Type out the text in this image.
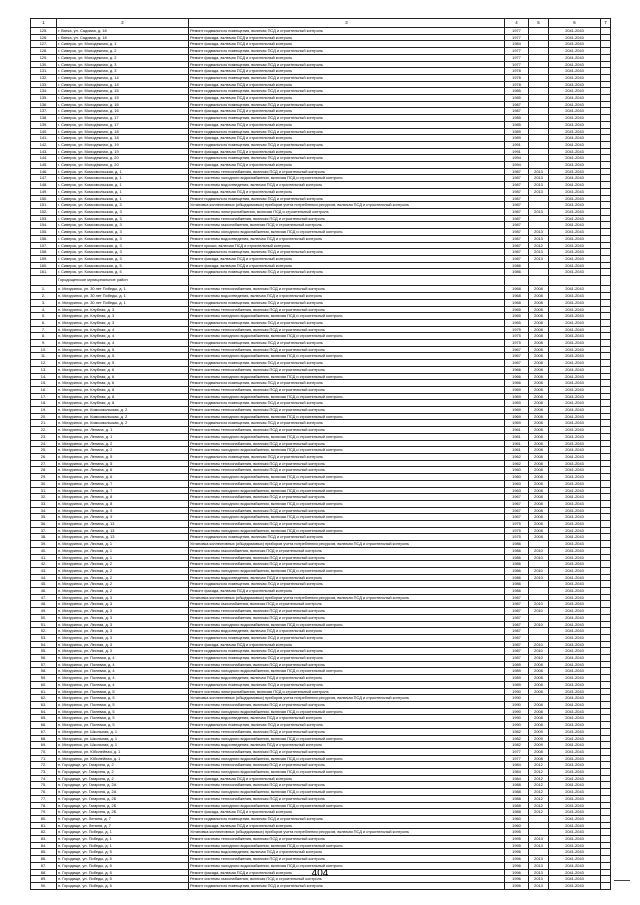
1	2	3	4	5	6	7
125.	г. Вятка, ул. Садовая, д. 18	Ремонт подвального помещения, включая ПСД и строительный контроль	1977		2041-2043	
126.	г. Вятка, ул. Садовая, д. 18	Ремонт фасада, включая ПСД и строительный контроль	1977		2041-2043	
127.	г. Сиверск, ул. Молодежная, д. 1	Ремонт фасада, включая ПСД и строительный контроль	1984		2041-2043	
128.	г. Сиверск, ул. Молодежная, д. 2	Ремонт подвального помещения, включая ПСД и строительный контроль	1977		2041-2043	
129.	г. Сиверск, ул. Молодежная, д. 2	Ремонт фасада, включая ПСД и строительный контроль	1977		2041-2043	
130.	г. Сиверск, ул. Молодежная, д. 3	Ремонт подвального помещения, включая ПСД и строительный контроль	1977		2041-2043	
131.	г. Сиверск, ул. Молодежная, д. 3	Ремонт фасада, включая ПСД и строительный контроль	1978		2041-2043	
132.	г. Сиверск, ул. Молодежная, д. 14	Ремонт подвального помещения, включая ПСД и строительный контроль	1978		2041-2043	
133.	г. Сиверск, ул. Молодежная, д. 14	Ремонт фасада, включая ПСД и строительный контроль	1978		2041-2043	
134.	г. Сиверск, ул. Молодежная, д. 15	Ремонт подвального помещения, включая ПСД и строительный контроль	1985		2041-2043	
135.	г. Сиверск, ул. Молодежная, д. 15	Ремонт фасада, включая ПСД и строительный контроль	1985		2041-2043	
136.	г. Сиверск, ул. Молодежная, д. 16	Ремонт подвального помещения, включая ПСД и строительный контроль	1987		2041-2043	
137.	г. Сиверск, ул. Молодежная, д. 16	Ремонт фасада, включая ПСД и строительный контроль	1987		2041-2043	
138.	г. Сиверск, ул. Молодежная, д. 17	Ремонт подвального помещения, включая ПСД и строительный контроль	1985		2041-2043	
139.	г. Сиверск, ул. Молодежная, д. 17	Ремонт фасада, включая ПСД и строительный контроль	1985		2041-2043	
140.	г. Сиверск, ул. Молодежная, д. 18	Ремонт подвального помещения, включая ПСД и строительный контроль	1989		2041-2043	
141.	г. Сиверск, ул. Молодежная, д. 18	Ремонт фасада, включая ПСД и строительный контроль	1989		2041-2043	
142.	г. Сиверск, ул. Молодежная, д. 19	Ремонт подвального помещения, включая ПСД и строительный контроль	1991		2041-2043	
143.	г. Сиверск, ул. Молодежная, д. 19	Ремонт фасада, включая ПСД и строительный контроль	1991		2041-2043	
144.	г. Сиверск, ул. Молодежная, д. 20	Ремонт подвального помещения, включая ПСД и строительный контроль	1994		2041-2043	
145.	г. Сиверск, ул. Молодежная, д. 20	Ремонт фасада, включая ПСД и строительный контроль	1994		2041-2043	
146.	г. Сиверск, ул. Комсомольская, д. 1	Ремонт системы теплоснабжения, включая ПСД и строительный контроль	1987	2013	2041-2043	
147.	г. Сиверск, ул. Комсомольская, д. 1	Ремонт системы холодного водоснабжения, включая ПСД и строительный контроль	1987	2013	2041-2043	
148.	г. Сиверск, ул. Комсомольская, д. 1	Ремонт системы водоотведения, включая ПСД и строительный контроль	1987	2013	2041-2043	
149.	г. Сиверск, ул. Комсомольская, д. 1	Ремонт фасада, включая ПСД и строительный контроль	1987	2013	2041-2043	
150.	г. Сиверск, ул. Комсомольская, д. 1	Ремонт подвального помещения, включая ПСД и строительный контроль	1987		2041-2043	
151.	г. Сиверск, ул. Комсомольская, д. 3	Установка коллективных (общедомовых) приборов учета потребления ресурсов, включая ПСД и строительный контроль	1987		2041-2043	
152.	г. Сиверск, ул. Комсомольская, д. 3	Ремонт системы электроснабжения, включая ПСД и строительный контроль	1987	2013	2041-2043	
153.	г. Сиверск, ул. Комсомольская, д. 3	Ремонт системы теплоснабжения, включая ПСД и строительный контроль	1987		2041-2043	
154.	г. Сиверск, ул. Комсомольская, д. 3	Ремонт системы газоснабжения, включая ПСД и строительный контроль	1987		2041-2043	
155.	г. Сиверск, ул. Комсомольская, д. 3	Ремонт системы холодного водоснабжения, включая ПСД и строительный контроль	1987	2013	2041-2043	
156.	г. Сиверск, ул. Комсомольская, д. 3	Ремонт системы водоотведения, включая ПСД и строительный контроль	1987	2013	2041-2043	
157.	г. Сиверск, ул. Комсомольская, д. 3	Ремонт крыши, включая ПСД и строительный контроль	1987	2012	2041-2043	
158.	г. Сиверск, ул. Комсомольская, д. 3	Ремонт подвального помещения, включая ПСД и строительный контроль	1987	2013	2041-2043	
159.	г. Сиверск, ул. Комсомольская, д. 3	Ремонт фасада, включая ПСД и строительный контроль	1987	2013	2041-2043	
160.	г. Сиверск, ул. Комсомольская, д. 5	Ремонт фасада, включая ПСД и строительный контроль	1986		2041-2043	
161.	г. Сиверск, ул. Комсомольская, д. 5	Ремонт подвального помещения, включая ПСД и строительный контроль	1986		2041-2043	
	Городищенское муниципальное район					
1.	п. Мичуринск, ул. 30 лет Победы, д. 1	Ремонт системы теплоснабжения, включая ПСД и строительный контроль	1968	2008	2041-2043	
2.	п. Мичуринск, ул. 30 лет Победы, д. 1	Ремонт системы водоотведения, включая ПСД и строительный контроль	1968	2008	2041-2043	
3.	п. Мичуринск, ул. 30 лет Победы, д. 1	Ремонт подвального помещения, включая ПСД и строительный контроль	1968	2008	2041-2043	
4.	п. Мичуринск, ул. Клубная, д. 3	Ремонт системы теплоснабжения, включая ПСД и строительный контроль	1965	2008	2041-2043	
5.	п. Мичуринск, ул. Клубная, д. 3	Ремонт системы холодного водоснабжения, включая ПСД и строительный контроль	1965	2008	2041-2043	
6.	п. Мичуринск, ул. Клубная, д. 3	Ремонт подвального помещения, включая ПСД и строительный контроль	1965	2008	2041-2043	
7.	п. Мичуринск, ул. Клубная, д. 4	Ремонт системы теплоснабжения, включая ПСД и строительный контроль	1975	2008	2041-2043	
8.	п. Мичуринск, ул. Клубная, д. 4	Ремонт системы холодного водоснабжения, включая ПСД и строительный контроль	1975	2008	2041-2043	
9.	п. Мичуринск, ул. Клубная, д. 4	Ремонт подвального помещения, включая ПСД и строительный контроль	1975	2008	2041-2043	
10.	п. Мичуринск, ул. Клубная, д. 5	Ремонт системы теплоснабжения, включая ПСД и строительный контроль	1967	2008	2041-2043	
11.	п. Мичуринск, ул. Клубная, д. 5	Ремонт системы холодного водоснабжения, включая ПСД и строительный контроль	1967	2008	2041-2043	
12.	п. Мичуринск, ул. Клубная, д. 5	Ремонт подвального помещения, включая ПСД и строительный контроль	1967	2008	2041-2043	
13.	п. Мичуринск, ул. Клубная, д. 6	Ремонт системы теплоснабжения, включая ПСД и строительный контроль	1966	2008	2041-2043	
14.	п. Мичуринск, ул. Клубная, д. 6	Ремонт системы холодного водоснабжения, включая ПСД и строительный контроль	1966	2008	2041-2043	
15.	п. Мичуринск, ул. Клубная, д. 6	Ремонт подвального помещения, включая ПСД и строительный контроль	1966	2008	2041-2043	
16.	п. Мичуринск, ул. Клубная, д. 8	Ремонт системы теплоснабжения, включая ПСД и строительный контроль	1969	2008	2041-2043	
17.	п. Мичуринск, ул. Клубная, д. 8	Ремонт системы холодного водоснабжения, включая ПСД и строительный контроль	1969	2008	2041-2043	
18.	п. Мичуринск, ул. Клубная, д. 8	Ремонт подвального помещения, включая ПСД и строительный контроль	1969	2008	2041-2043	
19.	п. Мичуринск, ул. Комсомольская, д. 2	Ремонт системы теплоснабжения, включая ПСД и строительный контроль	1969	2008	2041-2043	
20.	п. Мичуринск, ул. Комсомольская, д. 2	Ремонт системы холодного водоснабжения, включая ПСД и строительный контроль	1969	2008	2041-2043	
21.	п. Мичуринск, ул. Комсомольская, д. 2	Ремонт подвального помещения, включая ПСД и строительный контроль	1969	2008	2041-2043	
22.	п. Мичуринск, ул. Ленина, д. 1	Ремонт системы теплоснабжения, включая ПСД и строительный контроль	1961	2008	2041-2043	
23.	п. Мичуринск, ул. Ленина, д. 1	Ремонт системы холодного водоснабжения, включая ПСД и строительный контроль	1961	2008	2041-2043	
24.	п. Мичуринск, ул. Ленина, д. 2	Ремонт системы теплоснабжения, включая ПСД и строительный контроль	1961	2008	2041-2043	
25.	п. Мичуринск, ул. Ленина, д. 2	Ремонт системы холодного водоснабжения, включая ПСД и строительный контроль	1961	2008	2041-2043	
26.	п. Мичуринск, ул. Ленина, д. 5	Ремонт подвального помещения, включая ПСД и строительный контроль	1962	2008	2041-2043	
27.	п. Мичуринск, ул. Ленина, д. 5	Ремонт системы теплоснабжения, включая ПСД и строительный контроль	1962	2008	2041-2043	
28.	п. Мичуринск, ул. Ленина, д. 6	Ремонт системы теплоснабжения, включая ПСД и строительный контроль	1960	2008	2041-2043	
29.	п. Мичуринск, ул. Ленина, д. 6	Ремонт системы холодного водоснабжения, включая ПСД и строительный контроль	1960	2008	2041-2043	
30.	п. Мичуринск, ул. Ленина, д. 7	Ремонт системы теплоснабжения, включая ПСД и строительный контроль	1963	2008	2041-2043	
31.	п. Мичуринск, ул. Ленина, д. 7	Ремонт системы холодного водоснабжения, включая ПСД и строительный контроль	1963	2008	2041-2043	
32.	п. Мичуринск, ул. Ленина, д. 8	Ремонт системы теплоснабжения, включая ПСД и строительный контроль	1967	2008	2041-2043	
33.	п. Мичуринск, ул. Ленина, д. 8	Ремонт системы холодного водоснабжения, включая ПСД и строительный контроль	1967	2008	2041-2043	
34.	п. Мичуринск, ул. Ленина, д. 9	Ремонт системы теплоснабжения, включая ПСД и строительный контроль	1967	2008	2041-2043	
35.	п. Мичуринск, ул. Ленина, д. 9	Ремонт системы холодного водоснабжения, включая ПСД и строительный контроль	1967	2008	2041-2043	
36.	п. Мичуринск, ул. Ленина, д. 13	Ремонт системы теплоснабжения, включая ПСД и строительный контроль	1975	2008	2041-2043	
37.	п. Мичуринск, ул. Ленина, д. 13	Ремонт системы холодного водоснабжения, включая ПСД и строительный контроль	1975	2008	2041-2043	
38.	п. Мичуринск, ул. Ленина, д. 13	Ремонт подвального помещения, включая ПСД и строительный контроль	1975	2008	2041-2043	
39.	п. Мичуринск, ул. Лесная, д. 1	Установка коллективных (общедомовых) приборов учета потребления ресурсов, включая ПСД и строительный контроль	1986		2041-2043	
40.	п. Мичуринск, ул. Лесная, д. 1	Ремонт системы газоснабжения, включая ПСД и строительный контроль	1986	2010	2041-2043	
41.	п. Мичуринск, ул. Лесная, д. 1	Ремонт системы теплоснабжения, включая ПСД и строительный контроль	1986	2010	2041-2043	
42.	п. Мичуринск, ул. Лесная, д. 2	Ремонт системы теплоснабжения, включая ПСД и строительный контроль	1986		2041-2043	
43.	п. Мичуринск, ул. Лесная, д. 2	Ремонт системы холодного водоснабжения, включая ПСД и строительный контроль	1986	2010	2041-2043	
44.	п. Мичуринск, ул. Лесная, д. 2	Ремонт системы водоотведения, включая ПСД и строительный контроль	1986	2010	2041-2043	
45.	п. Мичуринск, ул. Лесная, д. 2	Ремонт подвального помещения, включая ПСД и строительный контроль	1986		2041-2043	
46.	п. Мичуринск, ул. Лесная, д. 2	Ремонт фасада, включая ПСД и строительный контроль	1986		2041-2043	
47.	п. Мичуринск, ул. Лесная, д. 3	Установка коллективных (общедомовых) приборов учета потребления ресурсов, включая ПСД и строительный контроль	1987		2041-2043	
48.	п. Мичуринск, ул. Лесная, д. 3	Ремонт системы газоснабжения, включая ПСД и строительный контроль	1987	2010	2041-2043	
49.	п. Мичуринск, ул. Лесная, д. 3	Ремонт системы теплоснабжения, включая ПСД и строительный контроль	1987	2010	2041-2043	
50.	п. Мичуринск, ул. Лесная, д. 3	Ремонт системы теплоснабжения, включая ПСД и строительный контроль	1987		2041-2043	
51.	п. Мичуринск, ул. Лесная, д. 3	Ремонт системы холодного водоснабжения, включая ПСД и строительный контроль	1987	2010	2041-2043	
52.	п. Мичуринск, ул. Лесная, д. 3	Ремонт системы водоотведения, включая ПСД и строительный контроль	1987		2041-2043	
53.	п. Мичуринск, ул. Лесная, д. 3	Ремонт подвального помещения, включая ПСД и строительный контроль	1987		2041-2043	
54.	п. Мичуринск, ул. Лесная, д. 3	Ремонт фасада, включая ПСД и строительный контроль	1987	2010	2041-2043	
55.	п. Мичуринск, ул. Лесная, д. 3	Ремонт подвального помещения, включая ПСД и строительный контроль	1987	2010	2041-2043	
56.	п. Мичуринск, ул. Полевая, д. 4	Ремонт подвального помещения, включая ПСД и строительный контроль	1987	2010	2041-2043	
57.	п. Мичуринск, ул. Полевая, д. 4	Ремонт системы теплоснабжения, включая ПСД и строительный контроль	1989	2008	2041-2043	
58.	п. Мичуринск, ул. Полевая, д. 4	Ремонт системы холодного водоснабжения, включая ПСД и строительный контроль	1989	2008	2041-2043	
59.	п. Мичуринск, ул. Полевая, д. 4	Ремонт системы водоотведения, включая ПСД и строительный контроль	1989	2008	2041-2043	
60.	п. Мичуринск, ул. Полевая, д. 4	Ремонт подвального помещения, включая ПСД и строительный контроль	1989	2008	2041-2043	
61.	п. Мичуринск, ул. Полевая, д. 5	Ремонт системы электроснабжения, включая ПСД и строительный контроль	1990	2008	2041-2043	
62.	п. Мичуринск, ул. Полевая, д. 5	Установка коллективных (общедомовых) приборов учета потребления ресурсов, включая ПСД и строительный контроль	1990		2041-2043	
63.	п. Мичуринск, ул. Полевая, д. 5	Ремонт системы теплоснабжения, включая ПСД и строительный контроль	1990	2008	2041-2043	
64.	п. Мичуринск, ул. Полевая, д. 5	Ремонт системы холодного водоснабжения, включая ПСД и строительный контроль	1990	2008	2041-2043	
65.	п. Мичуринск, ул. Полевая, д. 5	Ремонт системы водоотведения, включая ПСД и строительный контроль	1990	2008	2041-2043	
66.	п. Мичуринск, ул. Полевая, д. 5	Ремонт подвального помещения, включая ПСД и строительный контроль	1990	2008	2041-2043	
67.	п. Мичуринск, ул. Школьная, д. 1	Ремонт системы теплоснабжения, включая ПСД и строительный контроль	1982	2009	2041-2043	
68.	п. Мичуринск, ул. Школьная, д. 1	Ремонт системы холодного водоснабжения, включая ПСД и строительный контроль	1982	2009	2041-2043	
69.	п. Мичуринск, ул. Школьная, д. 1	Ремонт системы водоотведения, включая ПСД и строительный контроль	1982	2009	2041-2043	
70.	п. Мичуринск, ул. Юбилейная, д. 1	Ремонт системы теплоснабжения, включая ПСД и строительный контроль	1977	2008	2041-2043	
71.	п. Мичуринск, ул. Юбилейная, д. 1	Ремонт системы холодного водоснабжения, включая ПСД и строительный контроль	1977	2008	2041-2043	
72.	п. Городище, ул. Гагарина, д. 2	Ремонт системы теплоснабжения, включая ПСД и строительный контроль	1984	2012	2041-2043	
73.	п. Городище, ул. Гагарина, д. 2	Ремонт системы холодного водоснабжения, включая ПСД и строительный контроль	1984	2012	2041-2043	
74.	п. Городище, ул. Гагарина, д. 2	Ремонт фасада, включая ПСД и строительный контроль	1984	2012	2041-2043	
75.	п. Городище, ул. Гагарина, д. 2А	Ремонт системы теплоснабжения, включая ПСД и строительный контроль	1988	2012	2041-2043	
76.	п. Городище, ул. Гагарина, д. 2А	Ремонт системы холодного водоснабжения, включая ПСД и строительный контроль	1988	2012	2041-2043	
77.	п. Городище, ул. Гагарина, д. 2Б	Ремонт системы теплоснабжения, включая ПСД и строительный контроль	1988	2012	2041-2043	
78.	п. Городище, ул. Гагарина, д. 2Б	Ремонт системы холодного водоснабжения, включая ПСД и строительный контроль	1988	2012	2041-2043	
79.	п. Городище, ул. Гагарина, д. 2Б	Ремонт фасада, включая ПСД и строительный контроль	1988	2012	2041-2043	
80.	п. Городище, ул. Ленина, д. 7	Ремонт подвального помещения, включая ПСД и строительный контроль	1960		2041-2043	
81.	п. Городище, ул. Ленина, д. 7	Ремонт фасада, включая ПСД и строительный контроль	1960		2041-2043	
82.	п. Городище, ул. Победы, д. 1	Установка коллективных (общедомовых) приборов учета потребления ресурсов, включая ПСД и строительный контроль	1995		2041-2043	
83.	п. Городище, ул. Победы, д. 1	Ремонт системы теплоснабжения, включая ПСД и строительный контроль	1995	2013	2041-2043	
84.	п. Городище, ул. Победы, д. 1	Ремонт системы холодного водоснабжения, включая ПСД и строительный контроль	1995	2013	2041-2043	
85.	п. Городище, ул. Победы, д. 5	Ремонт системы водоотведения, включая ПСД и строительный контроль	1996		2041-2043	
86.	п. Городище, ул. Победы, д. 5	Ремонт системы теплоснабжения, включая ПСД и строительный контроль	1996	2013	2041-2043	
87.	п. Городище, ул. Победы, д. 5	Ремонт системы холодного водоснабжения, включая ПСД и строительный контроль	1996	2013	2041-2043	
88.	п. Городище, ул. Победы, д. 5	Ремонт фасада, включая ПСД и строительный контроль	1996	2013	2041-2043	
89.	п. Городище, ул. Победы, д. 5	Ремонт системы газоснабжения, включая ПСД и строительный контроль	1996	2013	2041-2043	
90.	п. Городище, ул. Победы, д. 5	Ремонт подвального помещения, включая ПСД и строительный контроль	1996	2013	2041-2043	
404
